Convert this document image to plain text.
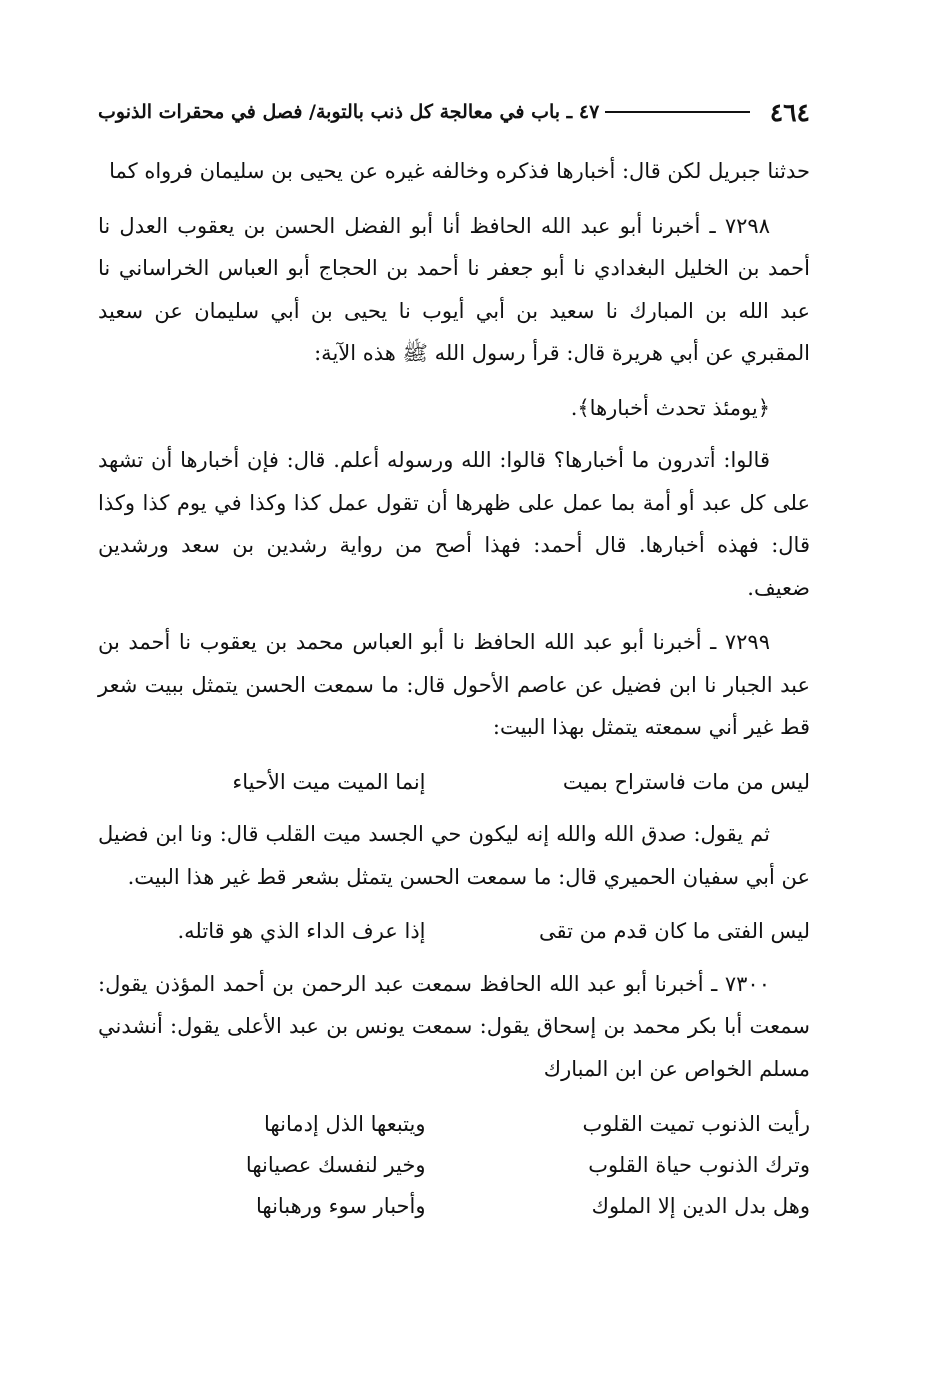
٤٦٤
٤٧ ـ باب في معالجة كل ذنب بالتوبة/ فصل في محقرات الذنوب

حدثنا جبريل لكن قال: أخبارها فذكره وخالفه غيره عن يحيى بن سليمان فرواه كما

٧٢٩٨ ـ أخبرنا أبو عبد الله الحافظ أنا أبو الفضل الحسن بن يعقوب العدل نا أحمد بن الخليل البغدادي نا أبو جعفر نا أحمد بن الحجاج أبو العباس الخراساني نا عبد الله بن المبارك نا سعيد بن أبي أيوب نا يحيى بن أبي سليمان عن سعيد المقبري عن أبي هريرة قال: قرأ رسول الله ﷺ هذه الآية:

﴿يومئذ تحدث أخبارها﴾.

قالوا: أتدرون ما أخبارها؟ قالوا: الله ورسوله أعلم. قال: فإن أخبارها أن تشهد على كل عبد أو أمة بما عمل على ظهرها أن تقول عمل كذا وكذا في يوم كذا وكذا قال: فهذه أخبارها. قال أحمد: فهذا أصح من رواية رشدين بن سعد ورشدين ضعيف.

٧٢٩٩ ـ أخبرنا أبو عبد الله الحافظ نا أبو العباس محمد بن يعقوب نا أحمد بن عبد الجبار نا ابن فضيل عن عاصم الأحول قال: ما سمعت الحسن يتمثل ببيت شعر قط غير أني سمعته يتمثل بهذا البيت:

ليس من مات فاستراح بميت
إنما الميت ميت الأحياء

ثم يقول: صدق الله والله إنه ليكون حي الجسد ميت القلب قال: ونا ابن فضيل عن أبي سفيان الحميري قال: ما سمعت الحسن يتمثل بشعر قط غير هذا البيت.

ليس الفتى ما كان قدم من تقى
إذا عرف الداء الذي هو قاتله.

٧٣٠٠ ـ أخبرنا أبو عبد الله الحافظ سمعت عبد الرحمن بن أحمد المؤذن يقول: سمعت أبا بكر محمد بن إسحاق يقول: سمعت يونس بن عبد الأعلى يقول: أنشدني مسلم الخواص عن ابن المبارك

رأيت الذنوب تميت القلوب
ويتبعها الذل إدمانها
وترك الذنوب حياة القلوب
وخير لنفسك عصيانها
وهل بدل الدين إلا الملوك
وأحبار سوء ورهبانها
